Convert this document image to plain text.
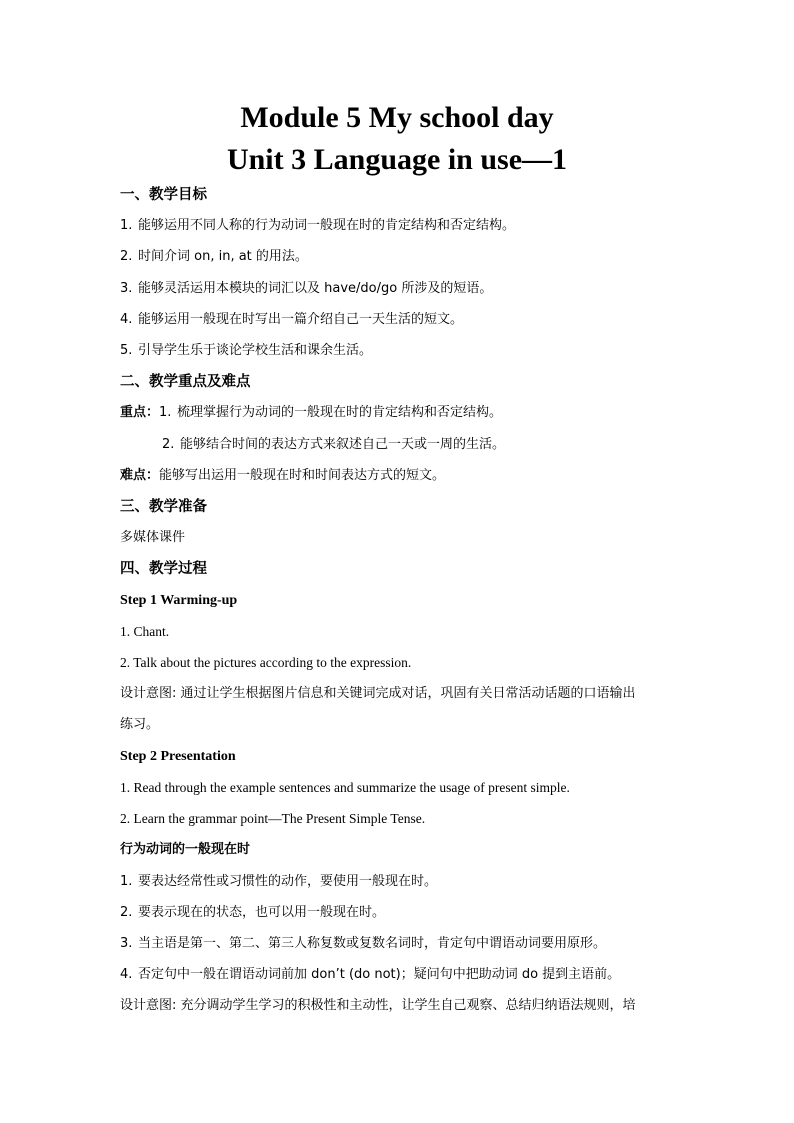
Module 5 My school day
Unit 3 Language in use—1
一、教学目标
1. 能够运用不同人称的行为动词一般现在时的肯定结构和否定结构。
2. 时间介词 on, in, at 的用法。
3. 能够灵活运用本模块的词汇以及 have/do/go 所涉及的短语。
4. 能够运用一般现在时写出一篇介绍自己一天生活的短文。
5. 引导学生乐于谈论学校生活和课余生活。
二、教学重点及难点
重点：1. 梳理掌握行为动词的一般现在时的肯定结构和否定结构。
2. 能够结合时间的表达方式来叙述自己一天或一周的生活。
难点：能够写出运用一般现在时和时间表达方式的短文。
三、教学准备
多媒体课件
四、教学过程
Step 1 Warming-up
1. Chant.
2. Talk about the pictures according to the expression.
设计意图: 通过让学生根据图片信息和关键词完成对话，巩固有关日常活动话题的口语输出
练习。
Step 2 Presentation
1. Read through the example sentences and summarize the usage of present simple.
2. Learn the grammar point—The Present Simple Tense.
行为动词的一般现在时
1. 要表达经常性或习惯性的动作，要使用一般现在时。
2. 要表示现在的状态，也可以用一般现在时。
3. 当主语是第一、第二、第三人称复数或复数名词时，肯定句中谓语动词要用原形。
4. 否定句中一般在谓语动词前加 don’t (do not)；疑问句中把助动词 do 提到主语前。
设计意图: 充分调动学生学习的积极性和主动性，让学生自己观察、总结归纳语法规则，培
